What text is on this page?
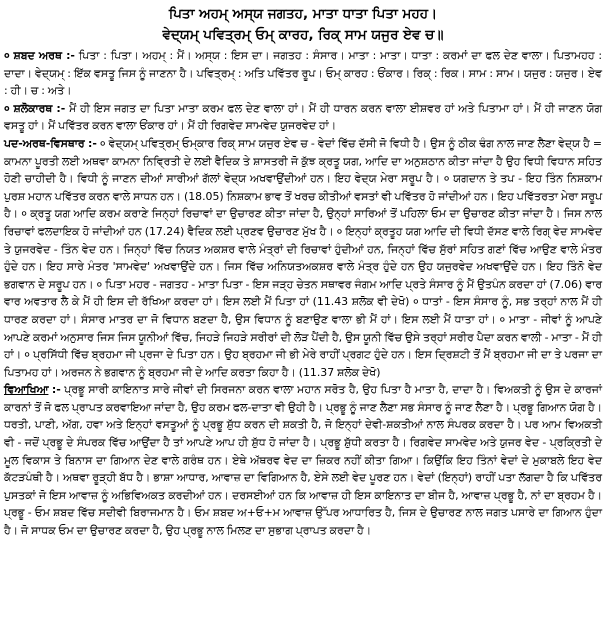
ਪਿਤਾ ਅਹਮ੍ ਅਸ੍ਯ ਜਗਤਹ, ਮਾਤਾ ਧਾਤਾ ਪਿਤਾ ਮਹਹ।
ਵੇਦ੍ਯਮ੍ ਪਵਿਤ੍ਰਮ੍ ਓਮ੍ ਕਾਰਹ, ਰਿਕ੍ ਸਾਮ ਯਜੁਰ ਏਵ ਚ॥

० ਸ਼ਬਦ ਅਰਥ :- ਪਿਤਾ : ਪਿਤਾ। ਅਹਮ੍ : ਮੈਂ। ਅਸ੍ਯ : ਇਸ ਦਾ। ਜਗਤਹ : ਸੰਸਾਰ। ਮਾਤਾ : ਮਾਤਾ। ਧਾਤਾ : ਕਰਮਾਂ ਦਾ ਫਲ ਦੇਣ ਵਾਲਾ। ਪਿਤਾਮਹਹ : ਦਾਦਾ। ਵੇਦ੍ਯਮ੍ : ਇੱਕ ਵਸਤੂ ਜਿਸ ਨੂੰ ਜਾਣਨਾ ਹੈ। ਪਵਿਤ੍ਰਮ੍ : ਅਤਿ ਪਵਿੱਤਰ ਰੂਪ। ਓਮ੍ ਕਾਰਹ : ਓਂਕਾਰ। ਰਿਕ੍ : ਰਿਕ। ਸਾਮ : ਸਾਮ। ਯਜੁਰ : ਯਜੁਰ। ਏਵ : ਹੀ। ਚ : ਅਤੇ।

० ਸ਼ਲੋਕਾਰਥ :- ਮੈਂ ਹੀ ਇਸ ਜਗਤ ਦਾ ਪਿਤਾ ਮਾਤਾ ਕਰਮ ਫਲ ਦੇਣ ਵਾਲਾ ਹਾਂ। ਮੈਂ ਹੀ ਧਾਰਨ ਕਰਨ ਵਾਲਾ ਈਸ਼ਵਰ ਹਾਂ ਅਤੇ ਪਿਤਾਮਾ ਹਾਂ। ਮੈਂ ਹੀ ਜਾਣਨ ਯੋਗ ਵਸਤੂ ਹਾਂ। ਮੈਂ ਪਵਿੱਤਰ ਕਰਨ ਵਾਲਾ ਓਂਕਾਰ ਹਾਂ। ਮੈਂ ਹੀ ਰਿਗਵੇਦ ਸਾਮਵੇਦ ਯੁਜਰਵੇਦ ਹਾਂ।

ਪਦ-ਅਰਥ-ਵਿਸਥਾਰ :- ० ਵੇਦ੍ਯਮ੍ ਪਵਿਤ੍ਰਮ੍ ਓਮ੍ਕਾਰ ਰਿਕ੍ ਸਾਮ ਯਜੁਰ ਏਵ ਚ - ਵੇਦਾਂ ਵਿੱਚ ਦੱਸੀ ਜੋ ਵਿਧੀ ਹੈ। ਉਸ ਨੂੰ ਠੀਕ ਢੰਗ ਨਾਲ ਜਾਣ ਲੈਣਾ ਵੇਦ੍ਯ ਹੈ = ਕਾਮਨਾ ਪੂਰਤੀ ਲਈ ਅਥਵਾ ਕਾਮਨਾ ਨਿਵ੍ਰਿਤੀ ਦੇ ਲਈ ਵੈਦਿਕ ਤੇ ਸ਼ਾਸਤਰੀ ਜੋ ਕੁੱਝ ਕ੍ਰਤੂ ਯਗ, ਆਦਿ ਦਾ ਅਨੁਸ਼ਠਾਨ ਕੀਤਾ ਜਾਂਦਾ ਹੈ ਉਹ ਵਿਧੀ ਵਿਧਾਨ ਸਹਿਤ ਹੋਣੀ ਚਾਹੀਦੀ ਹੈ। ਵਿਧੀ ਨੂੰ ਜਾਣਨ ਦੀਆਂ ਸਾਰੀਆਂ ਗੱਲਾਂ ਵੇਦ੍ਯ ਅਖਵਾਉਂਦੀਆਂ ਹਨ। ਇਹ ਵੇਦ੍ਯ ਮੇਰਾ ਸਰੂਪ ਹੈ। ० ਯਗਦਾਨ ਤੇ ਤਪ - ਇਹ ਤਿੰਨ ਨਿਸ਼ਕਾਮ ਪੁਰਸ਼ ਮਹਾਨ ਪਵਿੱਤਰ ਕਰਨ ਵਾਲੇ ਸਾਧਨ ਹਨ। (18.05) ਨਿਸ਼ਕਾਮ ਭਾਵ ਤੋਂ ਖਰਚ ਕੀਤੀਆਂ ਵਸਤਾਂ ਵੀ ਪਵਿੱਤਰ ਹੋ ਜਾਂਦੀਆਂ ਹਨ। ਇਹ ਪਵਿੱਤਰਤਾ ਮੇਰਾ ਸਰੂਪ ਹੈ। ० ਕ੍ਰਤੂ ਯਗ ਆਦਿ ਕਰਮ ਕਰਾਣੇ ਜਿਨ੍ਹਾਂ ਰਿਚਾਵਾਂ ਦਾ ਉਚਾਰਣ ਕੀਤਾ ਜਾਂਦਾ ਹੈ, ਉਨ੍ਹਾਂ ਸਾਰਿਆਂ ਤੋਂ ਪਹਿਲਾ ਓਮ ਦਾ ਉਚਾਰਣ ਕੀਤਾ ਜਾਂਦਾ ਹੈ। ਜਿਸ ਨਾਲ ਰਿਚਾਵਾਂ ਫਲਦਾਇਕ ਹੋ ਜਾਂਦੀਆਂ ਹਨ (17.24) ਵੈਦਿਕ ਲਈ ਪ੍ਰਣਵ ਉਚਾਰਣ ਮੁੱਖ ਹੈ। ० ਇਨ੍ਹਾਂ ਕ੍ਰਤੂਹ ਯਗ ਆਦਿ ਦੀ ਵਿਧੀ ਦੱਸਣ ਵਾਲੇ ਰਿਗ੍ ਵੇਦ ਸਾਮਵੇਦ ਤੇ ਯੁਜਰਵੇਦ - ਤਿੰਨ ਵੇਦ ਹਨ। ਜਿਨ੍ਹਾਂ ਵਿੱਚ ਨਿਯਤ ਅਕਸ਼ਰ ਵਾਲੇ ਮੰਤ੍ਰਾਂ ਦੀ ਰਿਚਾਵਾਂ ਹੁੰਦੀਆਂ ਹਨ, ਜਿਨ੍ਹਾਂ ਵਿੱਚ ਸੁੱਰਾਂ ਸਹਿਤ ਗਣਾਂ ਵਿੱਚ ਆਉਣ ਵਾਲੇ ਮੰਤਰ ਹੁੰਦੇ ਹਨ। ਇਹ ਸਾਰੇ ਮੰਤਰ 'ਸਾਮਵੇਦ' ਅਖਵਾਉਂਦੇ ਹਨ। ਜਿਸ ਵਿੱਚ ਅਨਿਯਤਅਕਸ਼ਰ ਵਾਲੇ ਮੰਤ੍ਰ ਹੁੰਦੇ ਹਨ ਉਹ ਯਜੁਰਵੇਦ ਅਖਵਾਉਂਦੇ ਹਨ। ਇਹ ਤਿੰਨੋ ਵੇਦ ਭਗਵਾਨ ਦੇ ਸਰੂਪ ਹਨ। ० ਪਿਤਾ ਮਹਰ - ਜਗਤਹ - ਮਾਤਾ ਪਿਤਾ - ਇਸ ਜੜ੍ਹ ਚੇਤਨ ਸਥਾਵਰ ਜੰਗਮ ਆਦਿ ਪ੍ਰਤੇ ਸੰਸਾਰ ਨੂੰ ਮੈਂ ਉਤਪੰਨ ਕਰਦਾ ਹਾਂ (7.06) ਵਾਰ ਵਾਰ ਅਵਤਾਰ ਲੈ ਕੇ ਮੈਂ ਹੀ ਇਸ ਦੀ ਰੱਖਿਆ ਕਰਦਾ ਹਾਂ। ਇਸ ਲਈ ਮੈਂ ਪਿਤਾ ਹਾਂ (11.43 ਸ਼ਲੋਕ ਵੀ ਦੇਖੋ) ० ਧਾਤਾਂ - ਇਸ ਸੰਸਾਰ ਨੂੰ, ਸਭ ਤਰ੍ਹਾਂ ਨਾਲ ਮੈਂ ਹੀ ਧਾਰਣ ਕਰਦਾ ਹਾਂ। ਸੰਸਾਰ ਮਾਤਰ ਦਾ ਜੋ ਵਿਧਾਨ ਬਣਦਾ ਹੈ, ਉਸ ਵਿਧਾਨ ਨੂੰ ਬਣਾਉਣ ਵਾਲਾ ਭੀ ਮੈਂ ਹਾਂ। ਇਸ ਲਈ ਮੈਂ ਧਾਤਾ ਹਾਂ। ० ਮਾਤਾ - ਜੀਵਾਂ ਨੂੰ ਆਪਣੇ ਆਪਣੇ ਕਰਮਾਂ ਅਨੁਸਾਰ ਜਿਸ ਜਿਸ ਯੂਨੀਆਂ ਵਿੱਚ, ਜਿਹੜੇ ਜਿਹੜੇ ਸਰੀਰਾਂ ਦੀ ਲੋੜ ਪੈਂਦੀ ਹੈ, ਉਸ ਯੂਨੀ ਵਿੱਚ ਉਸੇ ਤਰ੍ਹਾਂ ਸਰੀਰ ਪੈਦਾ ਕਰਨ ਵਾਲੀ - ਮਾਤਾ - ਮੈਂ ਹੀ ਹਾਂ। ० ਪ੍ਰਸਿੱਧੀ ਵਿੱਚ ਬ੍ਰਹਮਾ ਜੀ ਪ੍ਰਜਾ ਦੇ ਪਿਤਾ ਹਨ। ਉਹ ਬ੍ਰਹਮਾ ਜੀ ਭੀ ਮੇਰੇ ਰਾਹੀਂ ਪ੍ਰਗਟ ਹੁੰਦੇ ਹਨ। ਇਸ ਦ੍ਰਿਸ਼ਟੀ ਤੋਂ ਮੈਂ ਬ੍ਰਹਮਾ ਜੀ ਦਾ ਤੇ ਪਰਜਾ ਦਾ ਪਿਤਾਮਹ ਹਾਂ। ਅਰਜਨ ਨੇ ਭਗਵਾਨ ਨੂੰ ਬ੍ਰਹਮਾ ਜੀ ਦੇ ਆਦਿ ਕਰਤਾ ਕਿਹਾ ਹੈ। (11.37 ਸ਼ਲੋਕ ਦੇਖੋ)

ਵਿਆਖਿਆ :- ਪ੍ਰਭੂ ਸਾਰੀ ਕਾਇਨਾਤ ਸਾਰੇ ਜੀਵਾਂ ਦੀ ਸਿਰਜਨਾ ਕਰਨ ਵਾਲਾ ਮਹਾਨ ਸਰੋਤ ਹੈ, ਉਹ ਪਿਤਾ ਹੈ ਮਾਤਾ ਹੈ, ਦਾਦਾ ਹੈ। ਵਿਅਕਤੀ ਨੂੰ ਉਸ ਦੇ ਕਾਰਜਾਂ ਕਾਰਨਾਂ ਤੋਂ ਜੋ ਫਲ ਪ੍ਰਾਪਤ ਕਰਵਾਇਆ ਜਾਂਦਾ ਹੈ, ਉਹ ਕਰਮ ਫਲ-ਦਾਤਾ ਵੀ ਉਹੀ ਹੈ। ਪ੍ਰਭੂ ਨੂੰ ਜਾਣ ਲੈਣਾ ਸਭ ਸੰਸਾਰ ਨੂੰ ਜਾਣ ਲੈਣਾ ਹੈ। ਪ੍ਰਭੂ ਗਿਆਨ ਯੋਗ ਹੈ। ਧਰਤੀ, ਪਾਣੀ, ਅੱਗ, ਹਵਾ ਅਤੇ ਇਨ੍ਹਾਂ ਵਸਤੂਆਂ ਨੂੰ ਪ੍ਰਭੂ ਸ਼ੁੱਧ ਕਰਨ ਦੀ ਸ਼ਕਤੀ ਹੈ, ਜੋ ਇਨ੍ਹਾਂ ਦੇਵੀ-ਸ਼ਕਤੀਆਂ ਨਾਲ ਸੰਪਰਕ ਕਰਦਾ ਹੈ। ਪਰ ਆਮ ਵਿਅਕਤੀ ਵੀ - ਜਦੋਂ ਪ੍ਰਭੂ ਦੇ ਸੰਪਰਕ ਵਿੱਚ ਆਉਂਦਾ ਹੈ ਤਾਂ ਆਪਣੇ ਆਪ ਹੀ ਸ਼ੁੱਧ ਹੋ ਜਾਂਦਾ ਹੈ। ਪ੍ਰਭੂ ਸ਼ੁੱਧੀ ਕਰਤਾ ਹੈ। ਰਿਗਵੇਦ ਸਾਮਵੇਦ ਅਤੇ ਯੁਜਰ ਵੇਦ - ਪ੍ਰਕ੍ਰਿਤੀ ਦੇ ਮੂਲ ਵਿਕਾਸ ਤੇ ਬਿਨਾਸ ਦਾ ਗਿਆਨ ਦੇਣ ਵਾਲੇ ਗਰੰਥ ਹਨ। ਏਥੇ ਅੱਥਰਵ ਵੇਦ ਦਾ ਜ਼ਿਕਰ ਨਹੀਂ ਕੀਤਾ ਗਿਆ। ਕਿਉਂਕਿ ਇਹ ਤਿੰਨਾਂ ਵੇਦਾਂ ਦੇ ਮੁਕਾਬਲੇ ਇਹ ਵੇਦ ਕੱਟੜਪੰਥੀ ਹੈ। ਅਥਵਾ ਰੂੜ੍ਹੀ ਬੱਧ ਹੈ। ਭਾਸ਼ਾ ਆਧਾਰ, ਆਵਾਜ਼ ਦਾ ਵਿਗਿਆਨ ਹੈ, ਏਸੇ ਲਈ ਵੇਦ ਪੂਰਣ ਹਨ। ਵੇਦਾਂ (ਇਨ੍ਹਾਂ) ਰਾਹੀਂ ਪਤਾ ਲੱਗਦਾ ਹੈ ਕਿ ਪਵਿੱਤਰ ਪੁਸਤਕਾਂ ਜੋ ਇਸ ਆਵਾਜ਼ ਨੂੰ ਅਭਿਵਿਅਕਤ ਕਰਦੀਆਂ ਹਨ। ਦਰਸਈਆਂ ਹਨ ਕਿ ਆਵਾਜ਼ ਹੀ ਇਸ ਕਾਇਨਾਤ ਦਾ ਬੀਜ ਹੈ, ਆਵਾਜ਼ ਪ੍ਰਭੂ ਹੈ, ਨਾਂ ਦਾ ਬ੍ਰਹਮ ਹੈ। ਪ੍ਰਭੂ - ਓਮ ਸ਼ਬਦ ਵਿੱਚ ਸਦੀਵੀ ਬਿਰਾਜਮਾਨ ਹੈ। ਓਮ ਸ਼ਬਦ ਅ+ਓ+ਮ ਆਵਾਜ਼ ਉੱਪਰ ਆਧਾਰਿਤ ਹੈ, ਜਿਸ ਦੇ ਉਚਾਰਣ ਨਾਲ ਜਗਤ ਪਸਾਰੇ ਦਾ ਗਿਆਨ ਹੁੰਦਾ ਹੈ। ਜੋ ਸਾਧਕ ਓਮ ਦਾ ਉਚਾਰਣ ਕਰਦਾ ਹੈ, ਉਹ ਪ੍ਰਭੂ ਨਾਲ ਮਿਲਣ ਦਾ ਸੁਭਾਗ ਪ੍ਰਾਪਤ ਕਰਦਾ ਹੈ।
